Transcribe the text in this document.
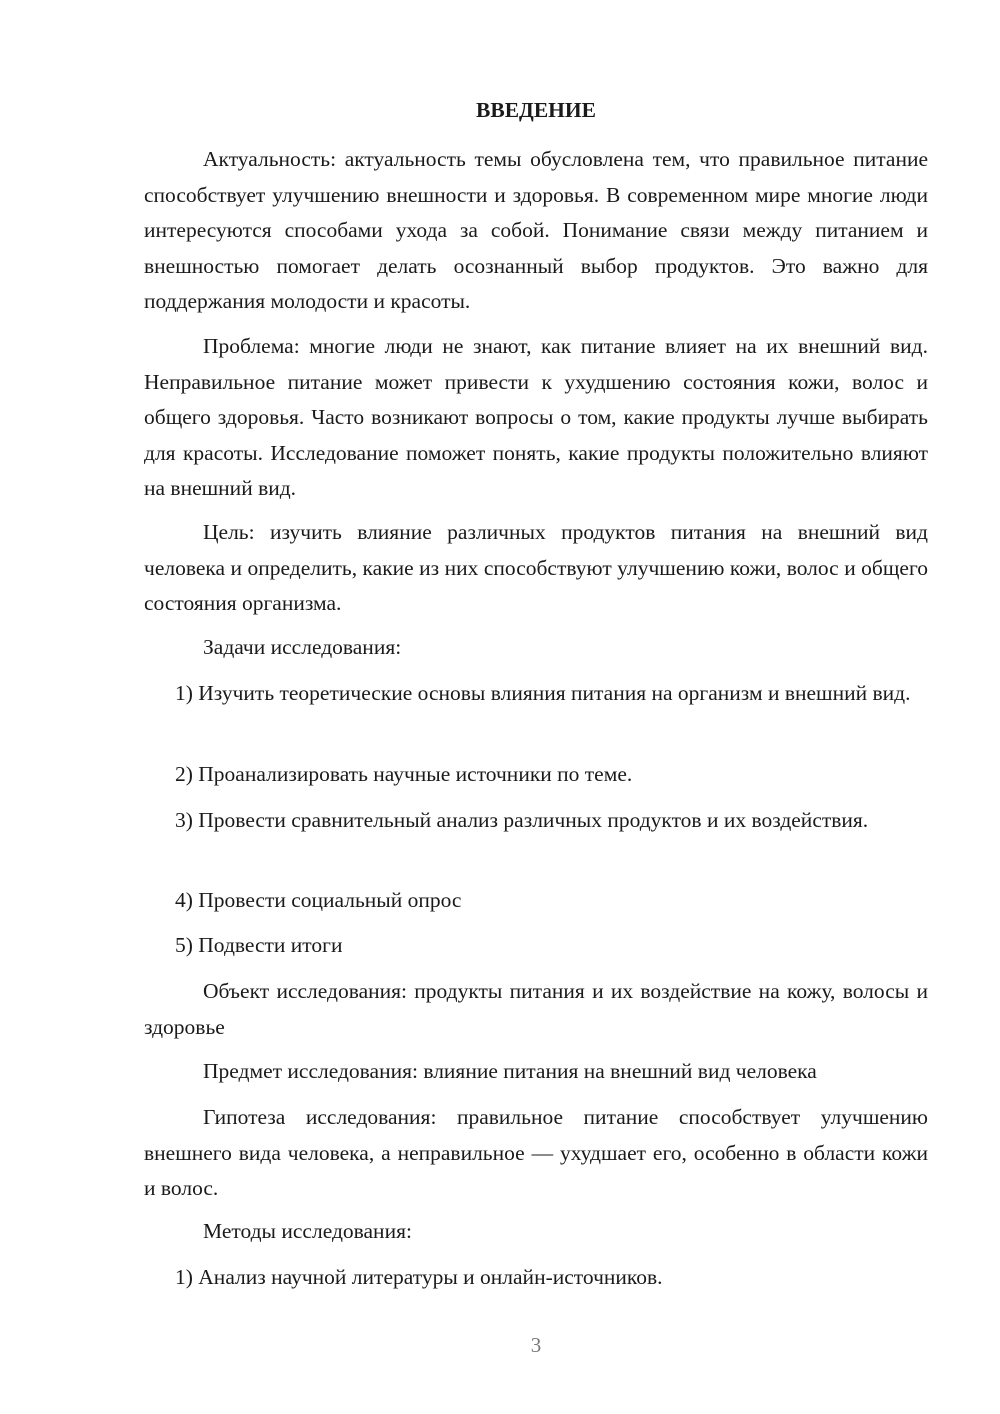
ВВЕДЕНИЕ

Актуальность: актуальность темы обусловлена тем, что правильное питание способствует улучшению внешности и здоровья. В современном мире многие люди интересуются способами ухода за собой. Понимание связи между питанием и внешностью помогает делать осознанный выбор продуктов. Это важно для поддержания молодости и красоты.

Проблема: многие люди не знают, как питание влияет на их внешний вид. Неправильное питание может привести к ухудшению состояния кожи, волос и общего здоровья. Часто возникают вопросы о том, какие продукты лучше выбирать для красоты. Исследование поможет понять, какие продукты положительно влияют на внешний вид.

Цель: изучить влияние различных продуктов питания на внешний вид человека и определить, какие из них способствуют улучшению кожи, волос и общего состояния организма.

Задачи исследования:

1) Изучить теоретические основы влияния питания на организм и внешний вид.

2) Проанализировать научные источники по теме.

3) Провести сравнительный анализ различных продуктов и их воздействия.

4) Провести социальный опрос
5) Подвести итоги

Объект исследования: продукты питания и их воздействие на кожу, волосы и здоровье

Предмет исследования: влияние питания на внешний вид человека

Гипотеза исследования: правильное питание способствует улучшению внешнего вида человека, а неправильное — ухудшает его, особенно в области кожи и волос.

Методы исследования:
1) Анализ научной литературы и онлайн-источников.
3
